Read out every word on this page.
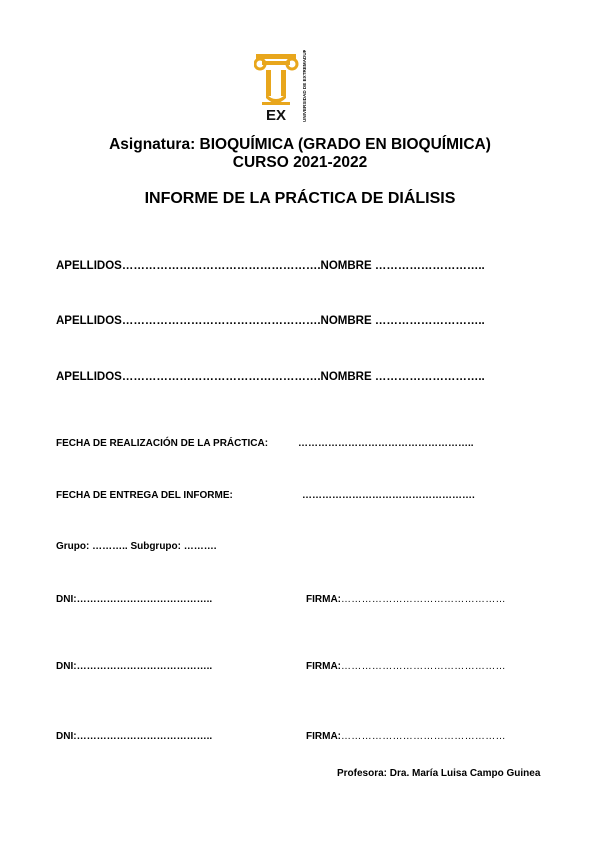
EX	UNIVERSIDAD DE EXTREMADURA
Asignatura: BIOQUÍMICA (GRADO EN BIOQUÍMICA)
CURSO 2021-2022
INFORME DE LA PRÁCTICA DE DIÁLISIS
APELLIDOS…………………………………………….NOMBRE ………………………..
APELLIDOS…………………………………………….NOMBRE ………………………..
APELLIDOS…………………………………………….NOMBRE ………………………..
FECHA DE REALIZACIÓN DE LA PRÁCTICA:	……………………………………………..
FECHA DE ENTREGA DEL INFORME:	…………………………………………….
Grupo: ……….. Subgrupo: ……….
DNI:…………………………………..	FIRMA:…………………………………………
DNI:…………………………………..	FIRMA:…………………………………………
DNI:…………………………………..	FIRMA:…………………………………………
Profesora: Dra. María Luisa Campo Guinea
